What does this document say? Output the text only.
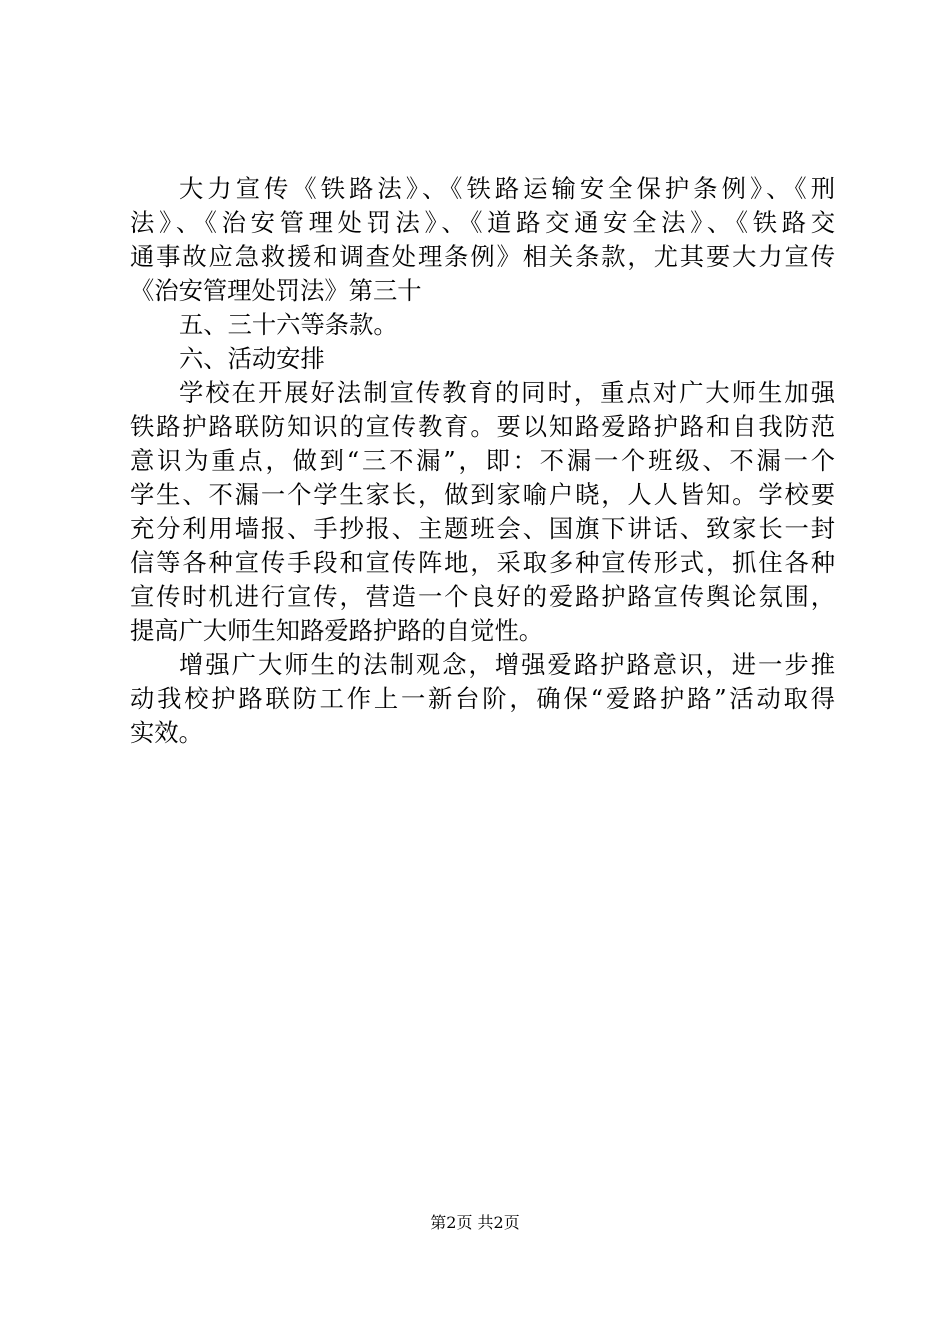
大力宣传《铁路法》、《铁路运输安全保护条例》、《刑
法》、《治安管理处罚法》、《道路交通安全法》、《铁路交
通事故应急救援和调查处理条例》相关条款，尤其要大力宣传
《治安管理处罚法》第三十
五、三十六等条款。
六、活动安排
学校在开展好法制宣传教育的同时，重点对广大师生加强
铁路护路联防知识的宣传教育。要以知路爱路护路和自我防范
意识为重点，做到“三不漏”，即：不漏一个班级、不漏一个
学生、不漏一个学生家长，做到家喻户晓，人人皆知。学校要
充分利用墙报、手抄报、主题班会、国旗下讲话、致家长一封
信等各种宣传手段和宣传阵地，采取多种宣传形式，抓住各种
宣传时机进行宣传，营造一个良好的爱路护路宣传舆论氛围，
提高广大师生知路爱路护路的自觉性。
增强广大师生的法制观念，增强爱路护路意识，进一步推
动我校护路联防工作上一新台阶，确保“爱路护路”活动取得
实效。
第2页 共2页
